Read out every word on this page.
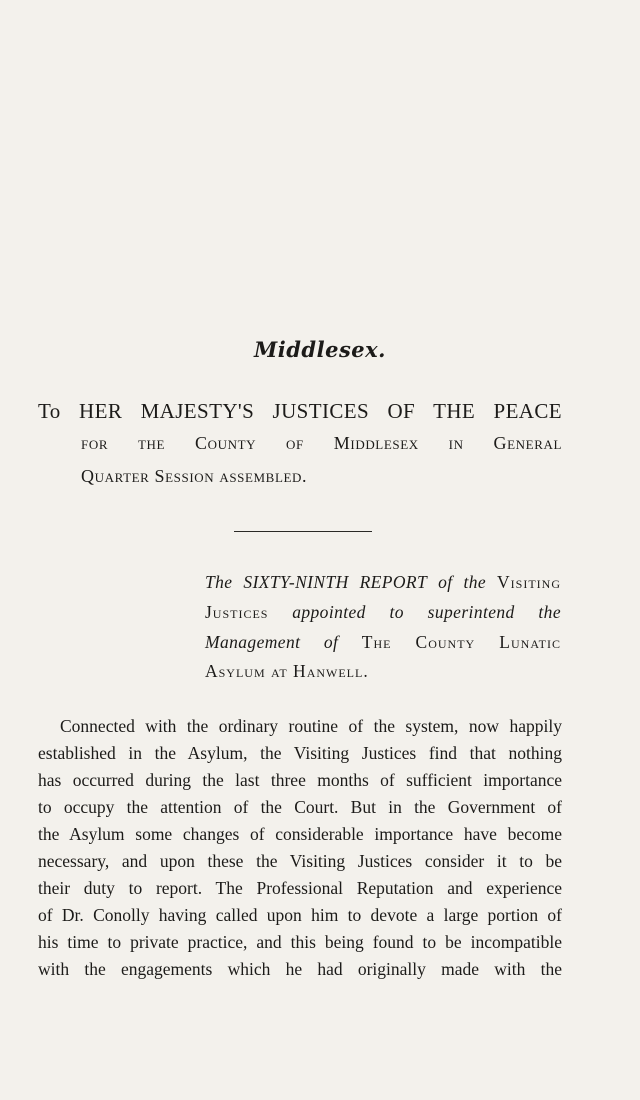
Middlesex.
To HER MAJESTY'S JUSTICES OF THE PEACE
for the County of Middlesex in General
Quarter Session assembled.
The SIXTY-NINTH REPORT of the Visiting
Justices appointed to superintend the
Management of The County Lunatic
Asylum at Hanwell.
Connected with the ordinary routine of the system, now happily
established in the Asylum, the Visiting Justices find that nothing
has occurred during the last three months of sufficient importance
to occupy the attention of the Court. But in the Government of
the Asylum some changes of considerable importance have become
necessary, and upon these the Visiting Justices consider it to be
their duty to report. The Professional Reputation and experience
of Dr. Conolly having called upon him to devote a large portion of
his time to private practice, and this being found to be incompatible
with the engagements which he had originally made with the
